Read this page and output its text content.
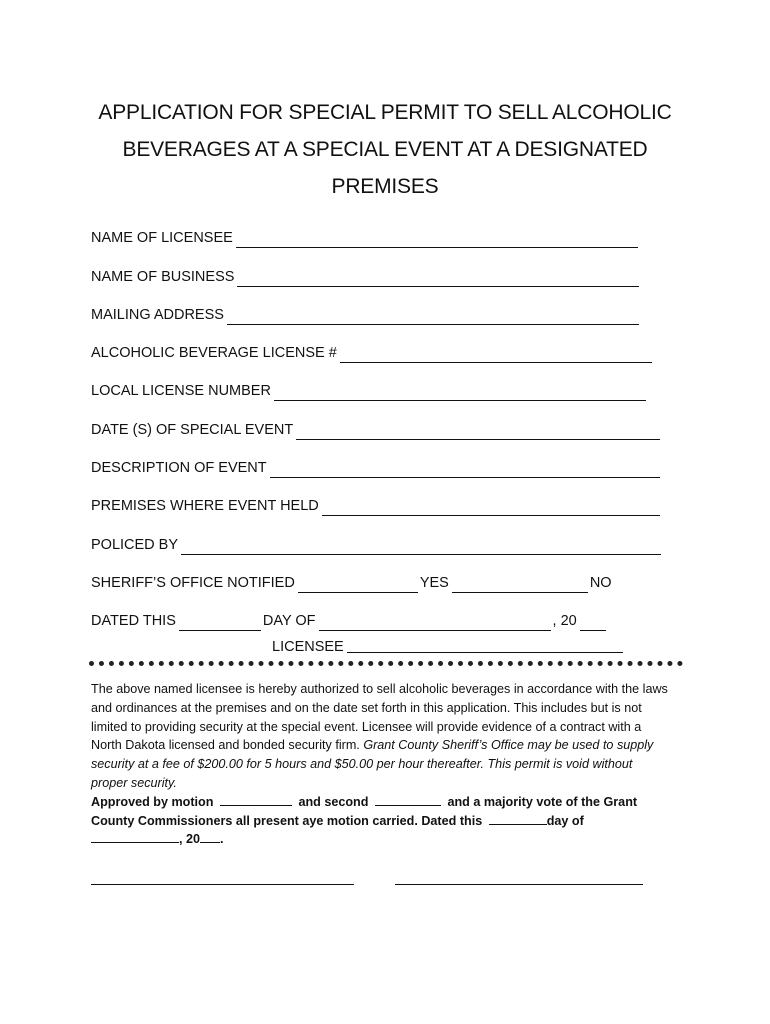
APPLICATION FOR SPECIAL PERMIT TO SELL ALCOHOLIC
BEVERAGES AT A SPECIAL EVENT AT A DESIGNATED
PREMISES
NAME OF LICENSEE
NAME OF BUSINESS
MAILING ADDRESS
ALCOHOLIC BEVERAGE LICENSE #
LOCAL LICENSE NUMBER
DATE (S) OF SPECIAL EVENT
DESCRIPTION OF EVENT
PREMISES WHERE EVENT HELD
POLICED BY
SHERIFF’S OFFICE NOTIFIED	YES	NO
DATED THIS	DAY OF	, 20
LICENSEE

The above named licensee is hereby authorized to sell alcoholic beverages in accordance with the laws and ordinances at the premises and on the date set forth in this application. This includes but is not limited to providing security at the special event. Licensee will provide evidence of a contract with a North Dakota licensed and bonded security firm. Grant County Sheriff’s Office may be used to supply security at a fee of $200.00 for 5 hours and $50.00 per hour thereafter. This permit is void without proper security.
Approved by motion	and second	and a majority vote of the Grant
County Commissioners all present aye motion carried. Dated this	day of
, 20 .
